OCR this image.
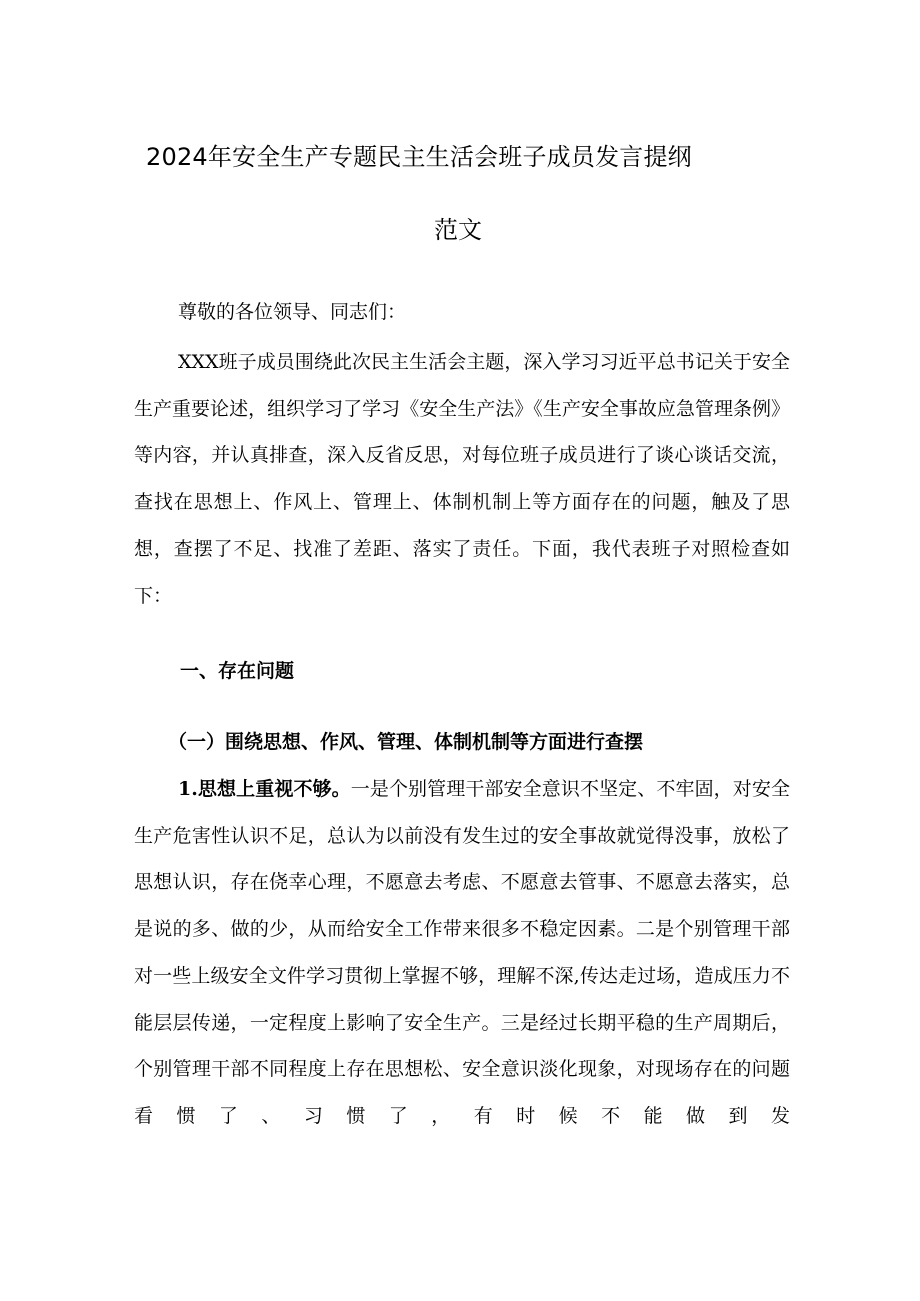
2024年安全生产专题民主生活会班子成员发言提纲
范文
尊敬的各位领导、同志们：
XXX班子成员围绕此次民主生活会主题，深入学习习近平总书记关于安全生产重要论述，组织学习了学习《安全生产法》《生产安全事故应急管理条例》等内容，并认真排查，深入反省反思，对每位班子成员进行了谈心谈话交流，查找在思想上、作风上、管理上、体制机制上等方面存在的问题，触及了思想，查摆了不足、找准了差距、落实了责任。下面，我代表班子对照检查如下：
一、存在问题
（一）围绕思想、作风、管理、体制机制等方面进行查摆
1.思想上重视不够。一是个别管理干部安全意识不坚定、不牢固，对安全生产危害性认识不足，总认为以前没有发生过的安全事故就觉得没事，放松了思想认识，存在侥幸心理，不愿意去考虑、不愿意去管事、不愿意去落实，总是说的多、做的少，从而给安全工作带来很多不稳定因素。二是个别管理干部对一些上级安全文件学习贯彻上掌握不够，理解不深,传达走过场，造成压力不能层层传递，一定程度上影响了安全生产。三是经过长期平稳的生产周期后，个别管理干部不同程度上存在思想松、安全意识淡化现象，对现场存在的问题看惯了、习惯了，有时候不能做到发
